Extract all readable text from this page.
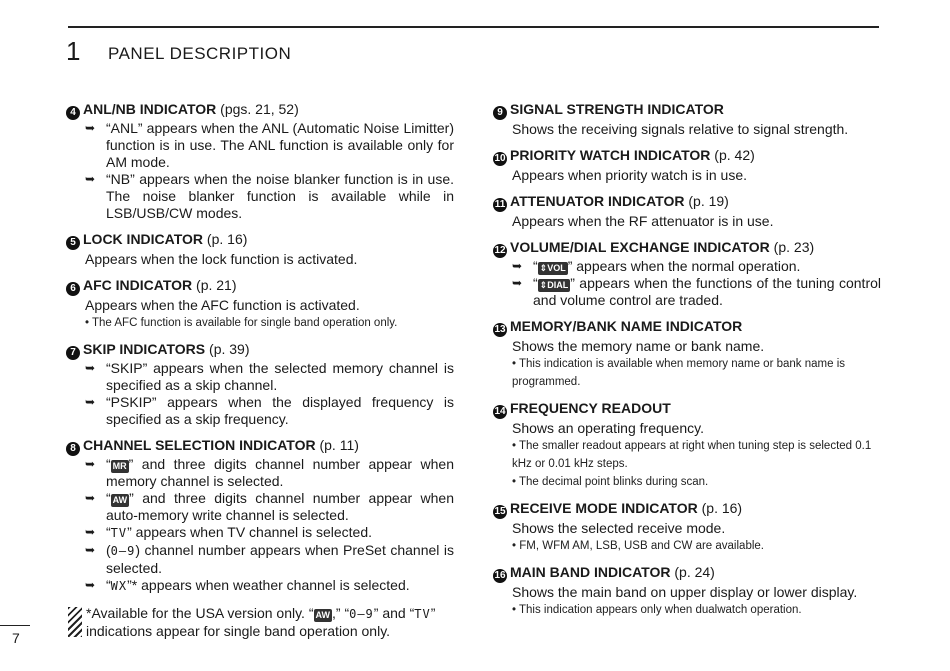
1 PANEL DESCRIPTION
4 ANL/NB INDICATOR (pgs. 21, 52)
➥ “ANL” appears when the ANL (Automatic Noise Limitter) function is in use. The ANL function is available only for AM mode.
➥ “NB” appears when the noise blanker function is in use. The noise blanker function is available while in LSB/USB/CW modes.
5 LOCK INDICATOR (p. 16)
Appears when the lock function is activated.
6 AFC INDICATOR (p. 21)
Appears when the AFC function is activated.
• The AFC function is available for single band operation only.
7 SKIP INDICATORS (p. 39)
➥ “SKIP” appears when the selected memory channel is specified as a skip channel.
➥ “PSKIP” appears when the displayed frequency is specified as a skip frequency.
8 CHANNEL SELECTION INDICATOR (p. 11)
➥ “ MR ” and three digits channel number appear when memory channel is selected.
➥ “ AW ” and three digits channel number appear when auto-memory write channel is selected.
➥ “TV” appears when TV channel is selected.
➥ (0–9) channel number appears when PreSet channel is selected.
➥ “WX”* appears when weather channel is selected.
*Available for the USA version only. “ AW ,” “0–9” and “TV” indications appear for single band operation only.
9 SIGNAL STRENGTH INDICATOR
Shows the receiving signals relative to signal strength.
10 PRIORITY WATCH INDICATOR (p. 42)
Appears when priority watch is in use.
11 ATTENUATOR INDICATOR (p. 19)
Appears when the RF attenuator is in use.
12 VOLUME/DIAL EXCHANGE INDICATOR (p. 23)
➥ “ ⇕VOL ” appears when the normal operation.
➥ “ ⇕DIAL ” appears when the functions of the tuning control and volume control are traded.
13 MEMORY/BANK NAME INDICATOR
Shows the memory name or bank name.
• This indication is available when memory name or bank name is programmed.
14 FREQUENCY READOUT
Shows an operating frequency.
• The smaller readout appears at right when tuning step is selected 0.1 kHz or 0.01 kHz steps.
• The decimal point blinks during scan.
15 RECEIVE MODE INDICATOR (p. 16)
Shows the selected receive mode.
• FM, WFM AM, LSB, USB and CW are available.
16 MAIN BAND INDICATOR (p. 24)
Shows the main band on upper display or lower display.
• This indication appears only when dualwatch operation.
7
